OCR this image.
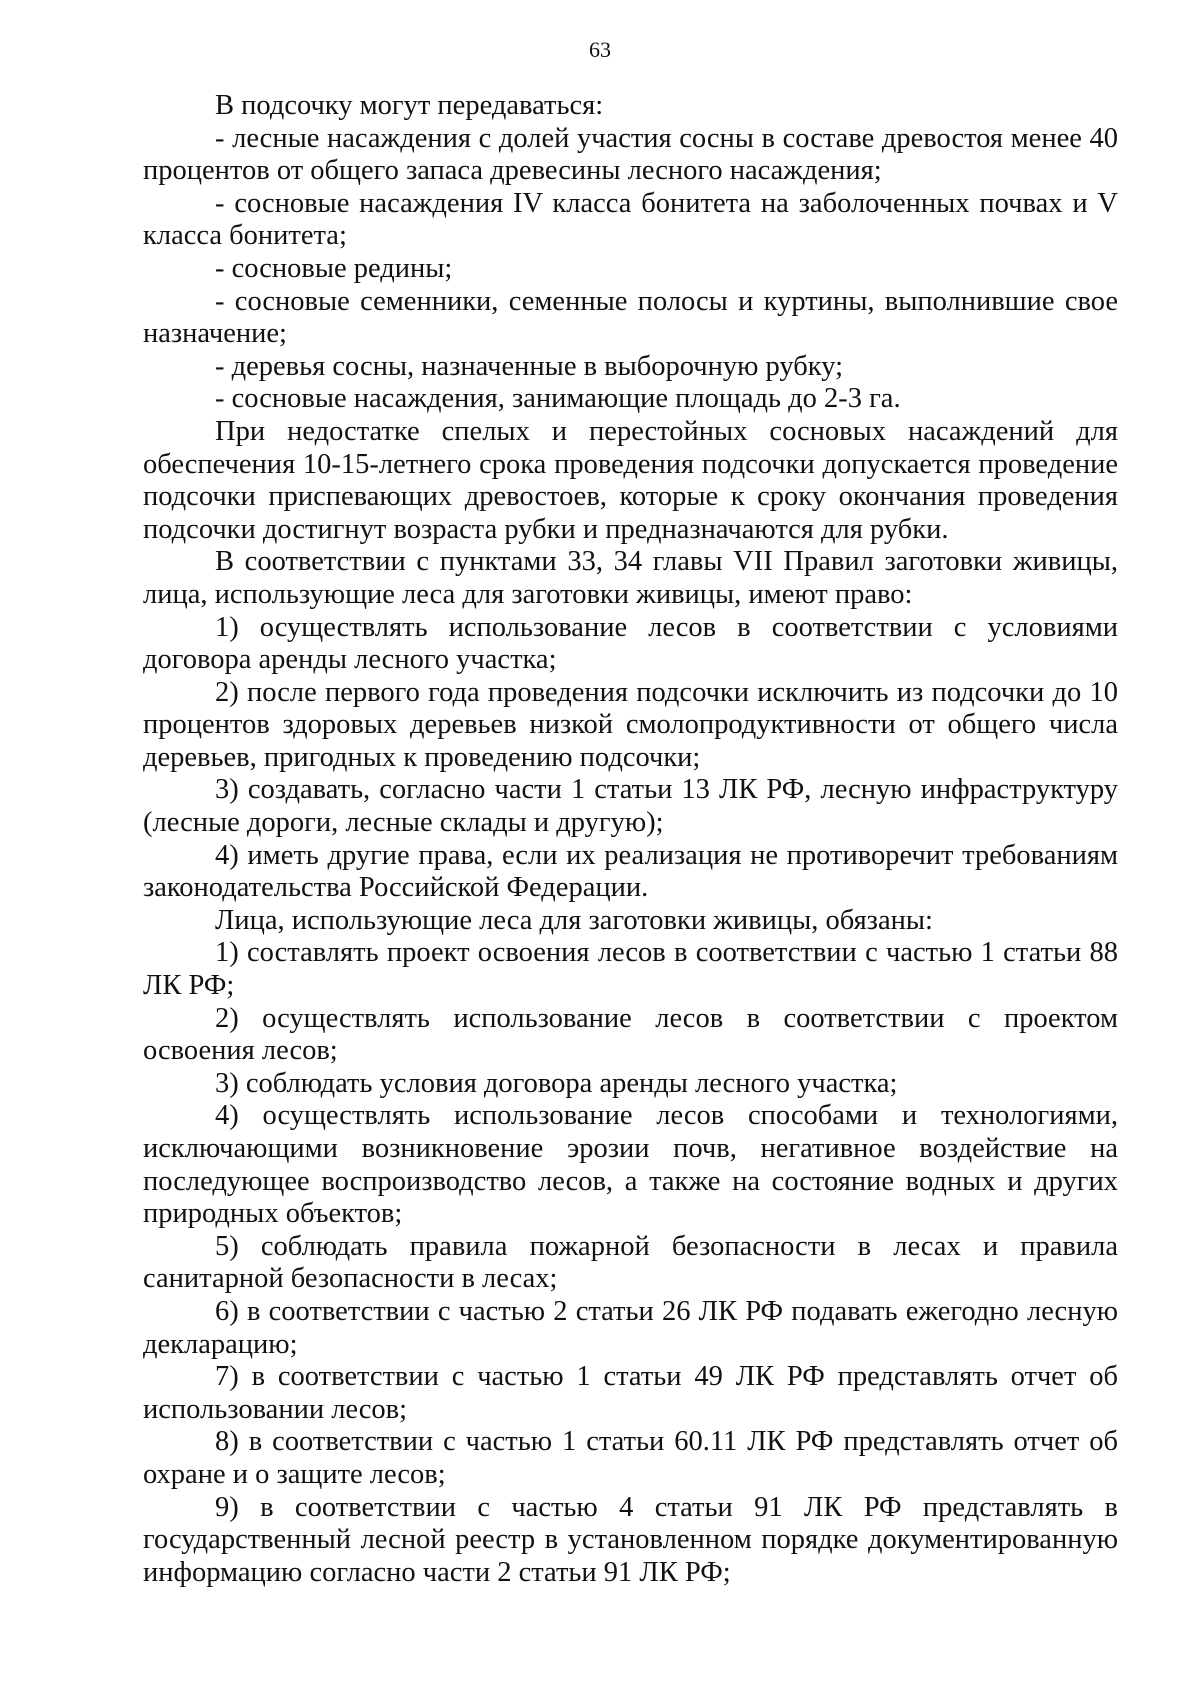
63

В подсочку могут передаваться:

- лесные насаждения с долей участия сосны в составе древостоя менее 40 процентов от общего запаса древесины лесного насаждения;

- сосновые насаждения IV класса бонитета на заболоченных почвах и V класса бонитета;

- сосновые редины;

- сосновые семенники, семенные полосы и куртины, выполнившие свое назначение;

- деревья сосны, назначенные в выборочную рубку;

- сосновые насаждения, занимающие площадь до 2-3 га.

При недостатке спелых и перестойных сосновых насаждений для обеспечения 10-15-летнего срока проведения подсочки допускается проведение подсочки приспевающих древостоев, которые к сроку окончания проведения подсочки достигнут возраста рубки и предназначаются для рубки.

В соответствии с пунктами 33, 34 главы VII Правил заготовки живицы, лица, использующие леса для заготовки живицы, имеют право:

1) осуществлять использование лесов в соответствии с условиями договора аренды лесного участка;

2) после первого года проведения подсочки исключить из подсочки до 10 процентов здоровых деревьев низкой смолопродуктивности от общего числа деревьев, пригодных к проведению подсочки;

3) создавать, согласно части 1 статьи 13 ЛК РФ, лесную инфраструктуру (лесные дороги, лесные склады и другую);

4) иметь другие права, если их реализация не противоречит требованиям законодательства Российской Федерации.

Лица, использующие леса для заготовки живицы, обязаны:

1) составлять проект освоения лесов в соответствии с частью 1 статьи 88 ЛК РФ;

2) осуществлять использование лесов в соответствии с проектом освоения лесов;

3) соблюдать условия договора аренды лесного участка;

4) осуществлять использование лесов способами и технологиями, исключающими возникновение эрозии почв, негативное воздействие на последующее воспроизводство лесов, а также на состояние водных и других природных объектов;

5) соблюдать правила пожарной безопасности в лесах и правила санитарной безопасности в лесах;

6) в соответствии с частью 2 статьи 26 ЛК РФ подавать ежегодно лесную декларацию;

7) в соответствии с частью 1 статьи 49 ЛК РФ представлять отчет об использовании лесов;

8) в соответствии с частью 1 статьи 60.11 ЛК РФ представлять отчет об охране и о защите лесов;

9) в соответствии с частью 4 статьи 91 ЛК РФ представлять в государственный лесной реестр в установленном порядке документированную информацию согласно части 2 статьи 91 ЛК РФ;
